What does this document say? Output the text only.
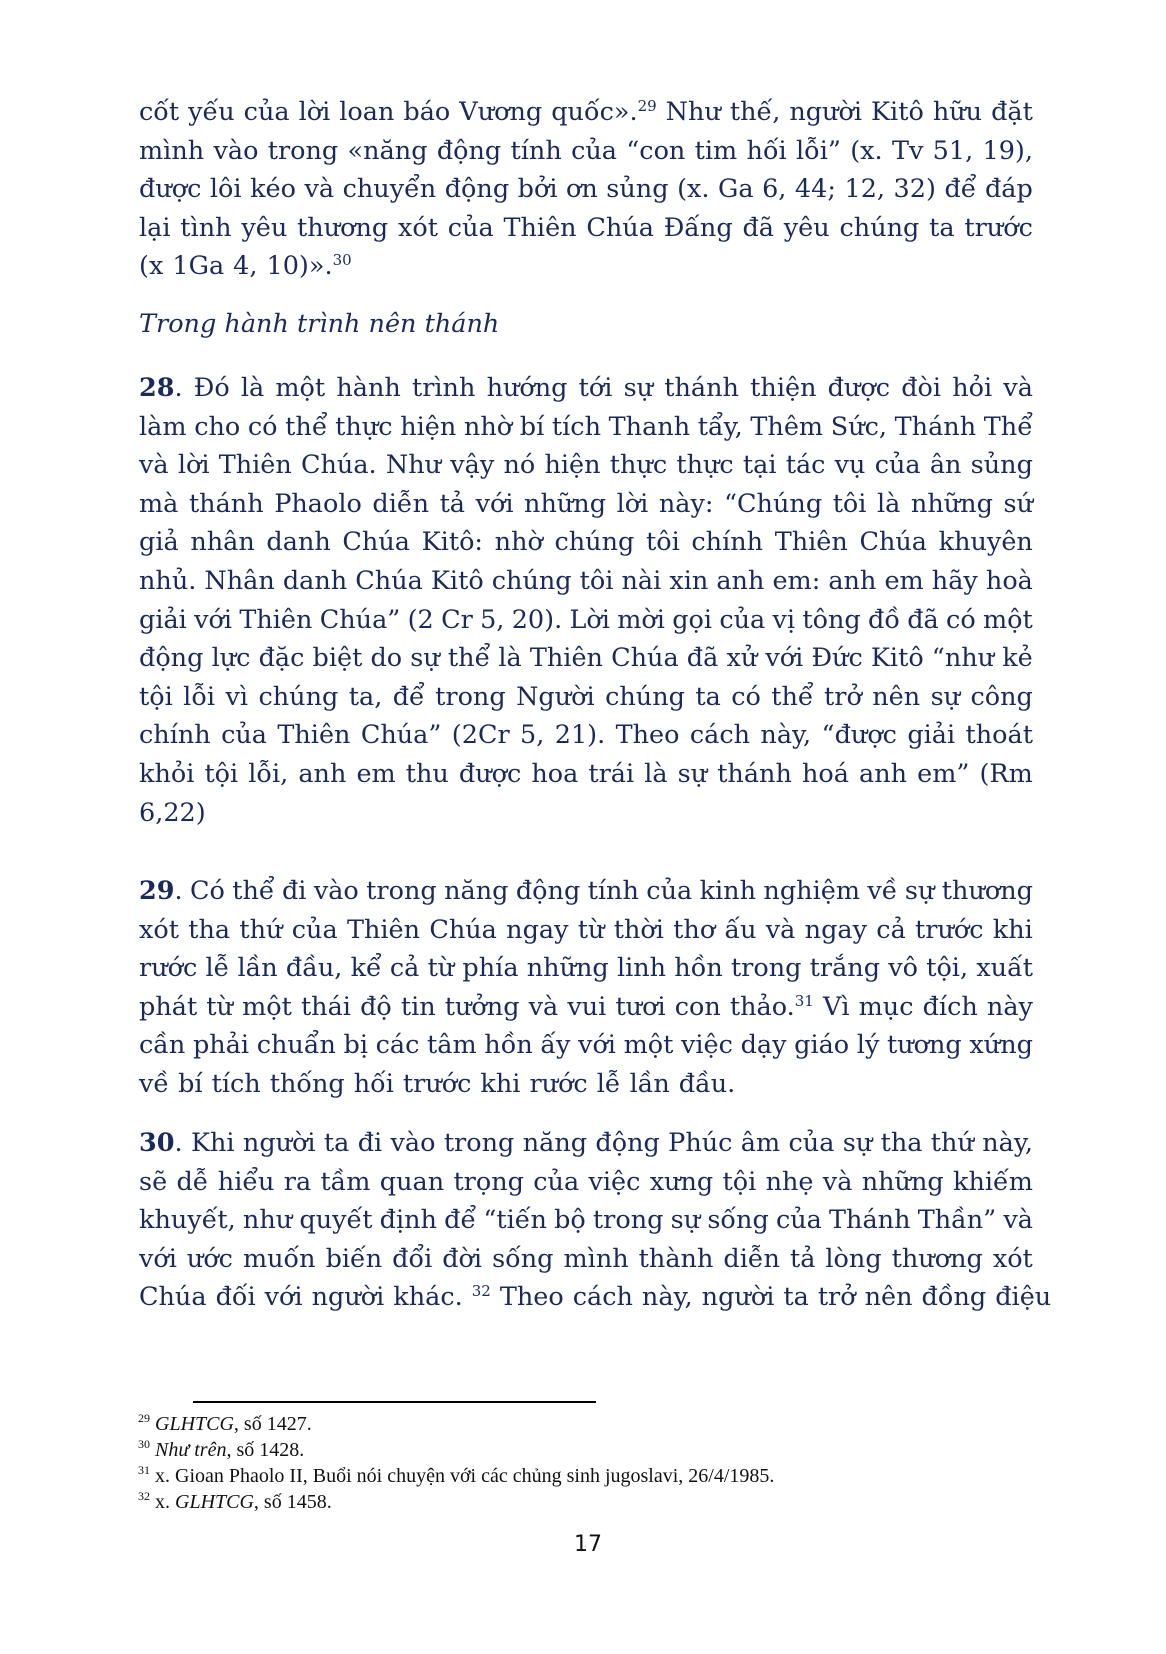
cốt yếu của lời loan báo Vương quốc».$^{29}$ Như thế, người Kitô hữu đặt
mình vào trong «năng động tính của “con tim hối lỗi” (x. Tv 51, 19),
được lôi kéo và chuyển động bởi ơn sủng (x. Ga 6, 44; 12, 32) để đáp
lại tình yêu thương xót của Thiên Chúa Đấng đã yêu chúng ta trước
(x 1Ga 4, 10)».$^{30}$
Trong hành trình nên thánh
28. Đó là một hành trình hướng tới sự thánh thiện được đòi hỏi và
làm cho có thể thực hiện nhờ bí tích Thanh tẩy, Thêm Sức, Thánh Thể
và lời Thiên Chúa. Như vậy nó hiện thực thực tại tác vụ của ân sủng
mà thánh Phaolo diễn tả với những lời này: “Chúng tôi là những sứ
giả nhân danh Chúa Kitô: nhờ chúng tôi chính Thiên Chúa khuyên
nhủ. Nhân danh Chúa Kitô chúng tôi nài xin anh em: anh em hãy hoà
giải với Thiên Chúa” (2 Cr 5, 20). Lời mời gọi của vị tông đồ đã có một
động lực đặc biệt do sự thể là Thiên Chúa đã xử với Đức Kitô “như kẻ
tội lỗi vì chúng ta, để trong Người chúng ta có thể trở nên sự công
chính của Thiên Chúa” (2Cr 5, 21). Theo cách này, “được giải thoát
khỏi tội lỗi, anh em thu được hoa trái là sự thánh hoá anh em” (Rm
6,22)
29. Có thể đi vào trong năng động tính của kinh nghiệm về sự thương
xót tha thứ của Thiên Chúa ngay từ thời thơ ấu và ngay cả trước khi
rước lễ lần đầu, kể cả từ phía những linh hồn trong trắng vô tội, xuất
phát từ một thái độ tin tưởng và vui tươi con thảo.$^{31}$ Vì mục đích này
cần phải chuẩn bị các tâm hồn ấy với một việc dạy giáo lý tương xứng
về bí tích thống hối trước khi rước lễ lần đầu.
30. Khi người ta đi vào trong năng động Phúc âm của sự tha thứ này,
sẽ dễ hiểu ra tầm quan trọng của việc xưng tội nhẹ và những khiếm
khuyết, như quyết định để “tiến bộ trong sự sống của Thánh Thần” và
với ước muốn biến đổi đời sống mình thành diễn tả lòng thương xót
Chúa đối với người khác. $^{32}$ Theo cách này, người ta trở nên đồng điệu
$^{29}$ GLHTCG, số 1427.
$^{30}$ Như trên, số 1428.
$^{31}$ x. Gioan Phaolo II, Buổi nói chuyện với các chủng sinh jugoslavi, 26/4/1985.
$^{32}$ x. GLHTCG, số 1458.
17
